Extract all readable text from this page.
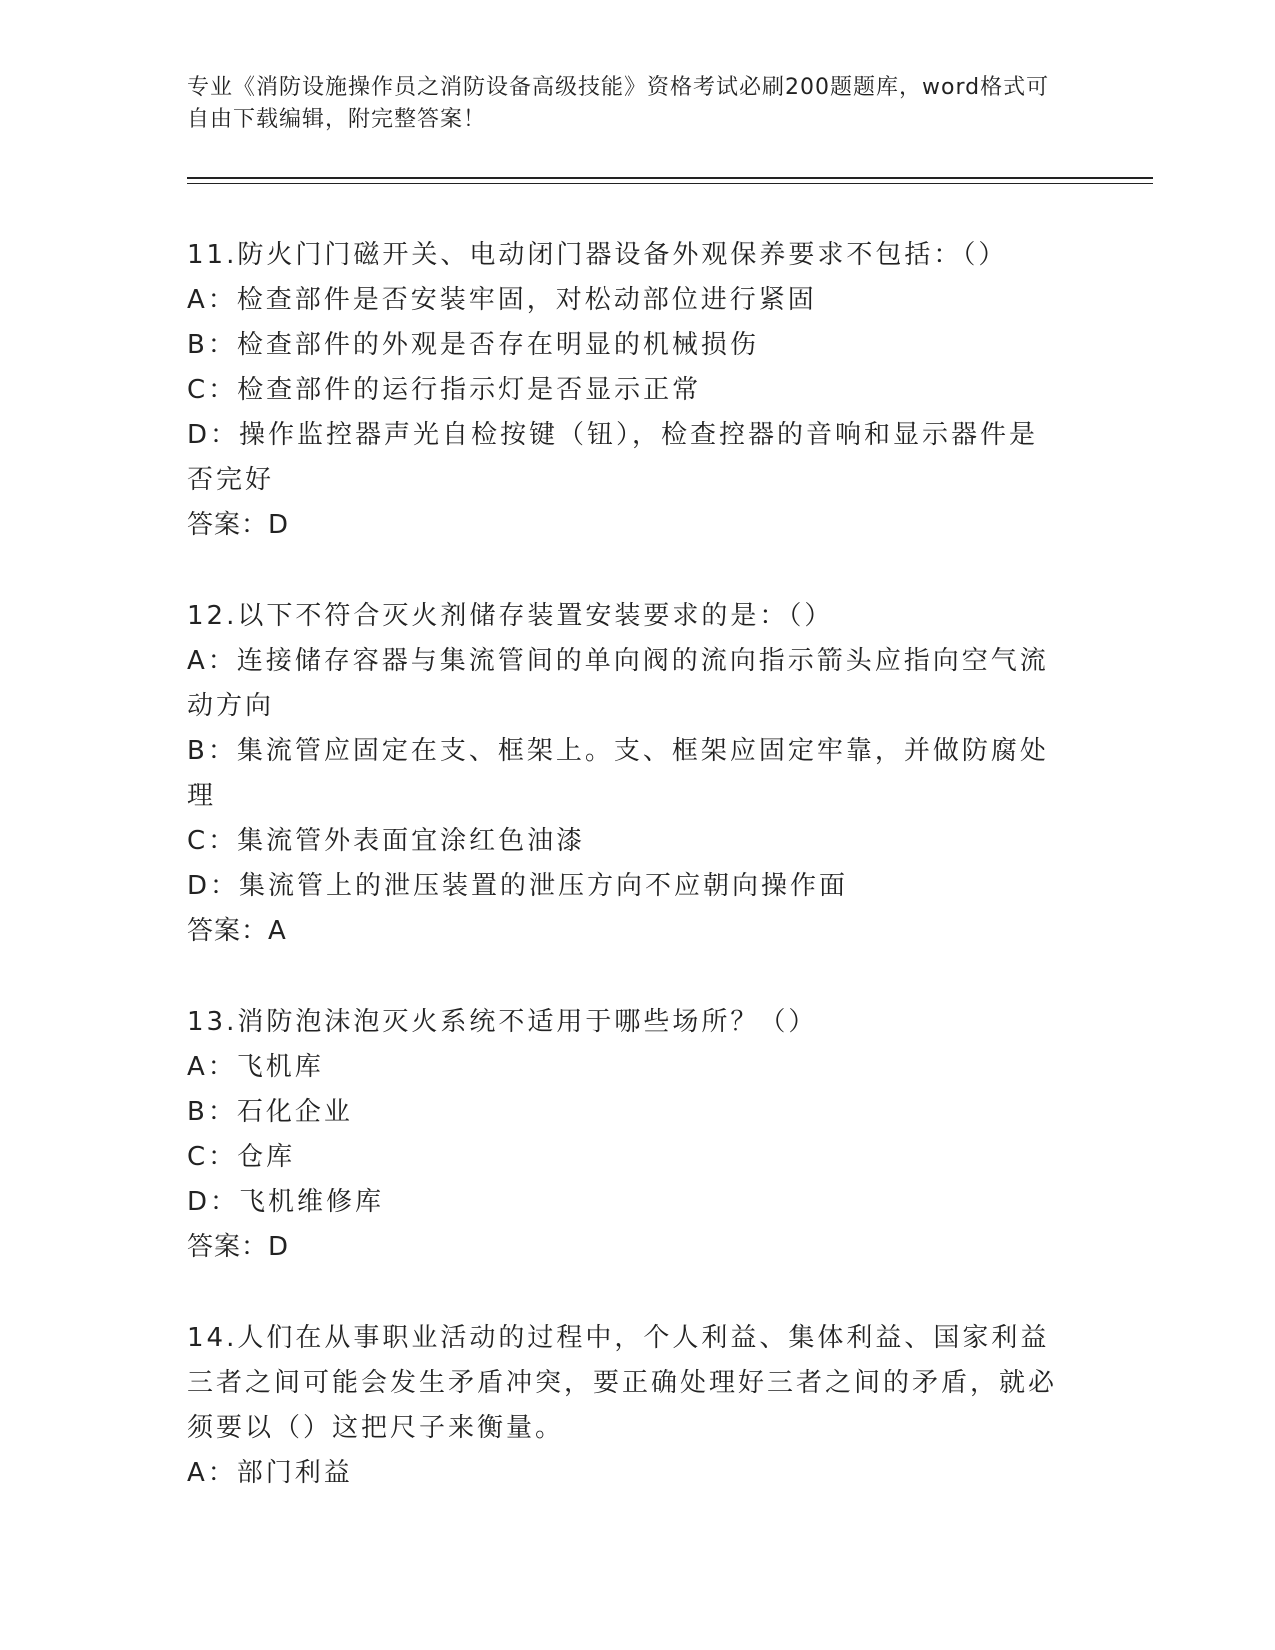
专业《消防设施操作员之消防设备高级技能》资格考试必刷200题题库，word格式可自由下载编辑，附完整答案！

11.防火门门磁开关、电动闭门器设备外观保养要求不包括：（）

A：检查部件是否安装牢固，对松动部位进行紧固

B：检查部件的外观是否存在明显的机械损伤

C：检查部件的运行指示灯是否显示正常

D：操作监控器声光自检按键（钮），检查控器的音响和显示器件是否完好

答案：D

12.以下不符合灭火剂储存装置安装要求的是：（）

A：连接储存容器与集流管间的单向阀的流向指示箭头应指向空气流动方向

B：集流管应固定在支、框架上。支、框架应固定牢靠，并做防腐处理

C：集流管外表面宜涂红色油漆

D：集流管上的泄压装置的泄压方向不应朝向操作面

答案：A

13.消防泡沫泡灭火系统不适用于哪些场所？（）

A：飞机库

B：石化企业

C：仓库

D：飞机维修库

答案：D

14.人们在从事职业活动的过程中，个人利益、集体利益、国家利益三者之间可能会发生矛盾冲突，要正确处理好三者之间的矛盾，就必须要以（）这把尺子来衡量。

A：部门利益
